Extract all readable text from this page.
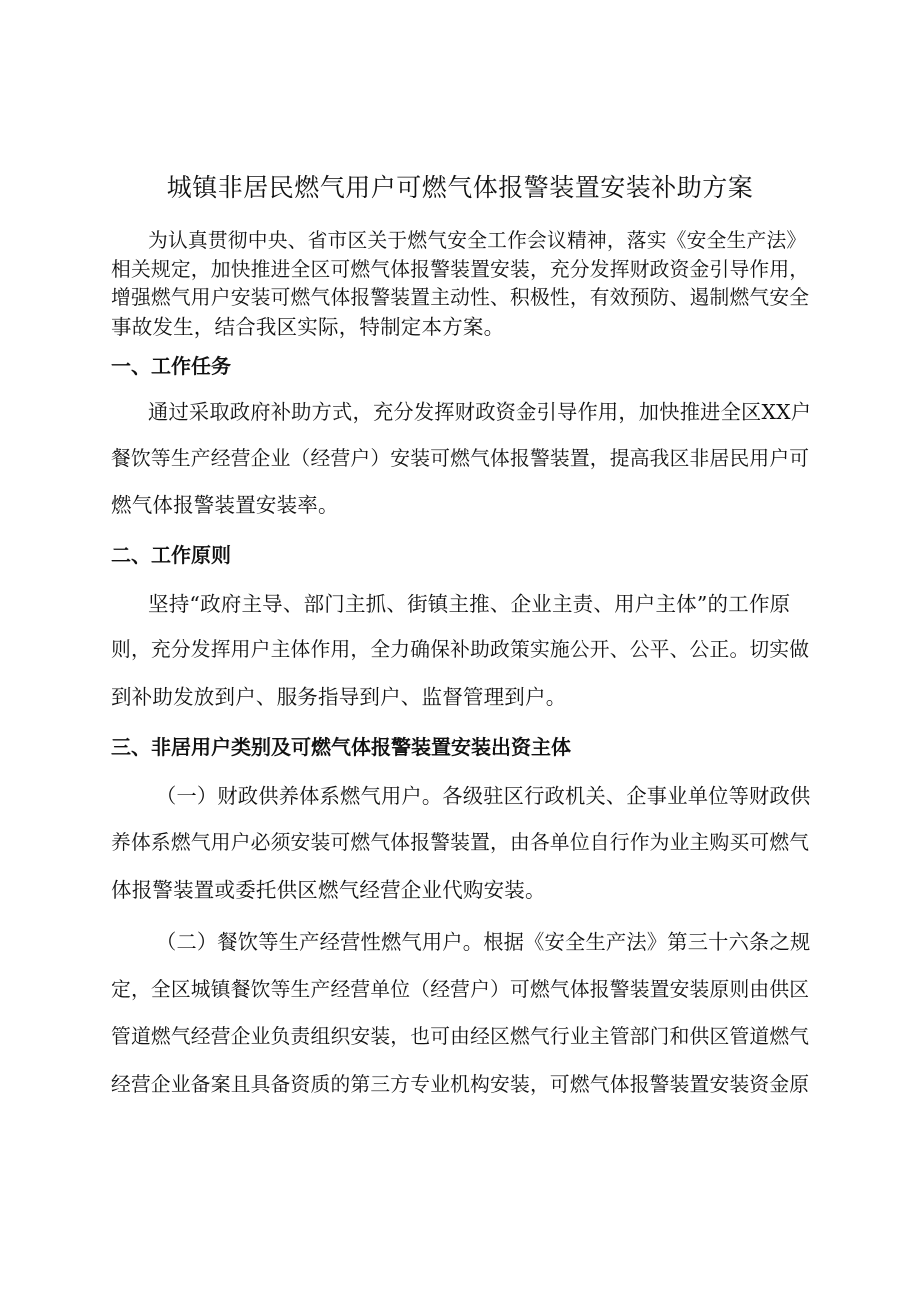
城镇非居民燃气用户可燃气体报警装置安装补助方案
为认真贯彻中央、省市区关于燃气安全工作会议精神，落实《安全生产法》
相关规定，加快推进全区可燃气体报警装置安装，充分发挥财政资金引导作用，
增强燃气用户安装可燃气体报警装置主动性、积极性，有效预防、遏制燃气安全
事故发生，结合我区实际，特制定本方案。
一、工作任务
通过采取政府补助方式，充分发挥财政资金引导作用，加快推进全区XX户
餐饮等生产经营企业（经营户）安装可燃气体报警装置，提高我区非居民用户可
燃气体报警装置安装率。
二、工作原则
坚持“政府主导、部门主抓、街镇主推、企业主责、用户主体”的工作原
则，充分发挥用户主体作用，全力确保补助政策实施公开、公平、公正。切实做
到补助发放到户、服务指导到户、监督管理到户。
三、非居用户类别及可燃气体报警装置安装出资主体
（一）财政供养体系燃气用户。各级驻区行政机关、企事业单位等财政供
养体系燃气用户必须安装可燃气体报警装置，由各单位自行作为业主购买可燃气
体报警装置或委托供区燃气经营企业代购安装。
（二）餐饮等生产经营性燃气用户。根据《安全生产法》第三十六条之规
定，全区城镇餐饮等生产经营单位（经营户）可燃气体报警装置安装原则由供区
管道燃气经营企业负责组织安装，也可由经区燃气行业主管部门和供区管道燃气
经营企业备案且具备资质的第三方专业机构安装，可燃气体报警装置安装资金原
